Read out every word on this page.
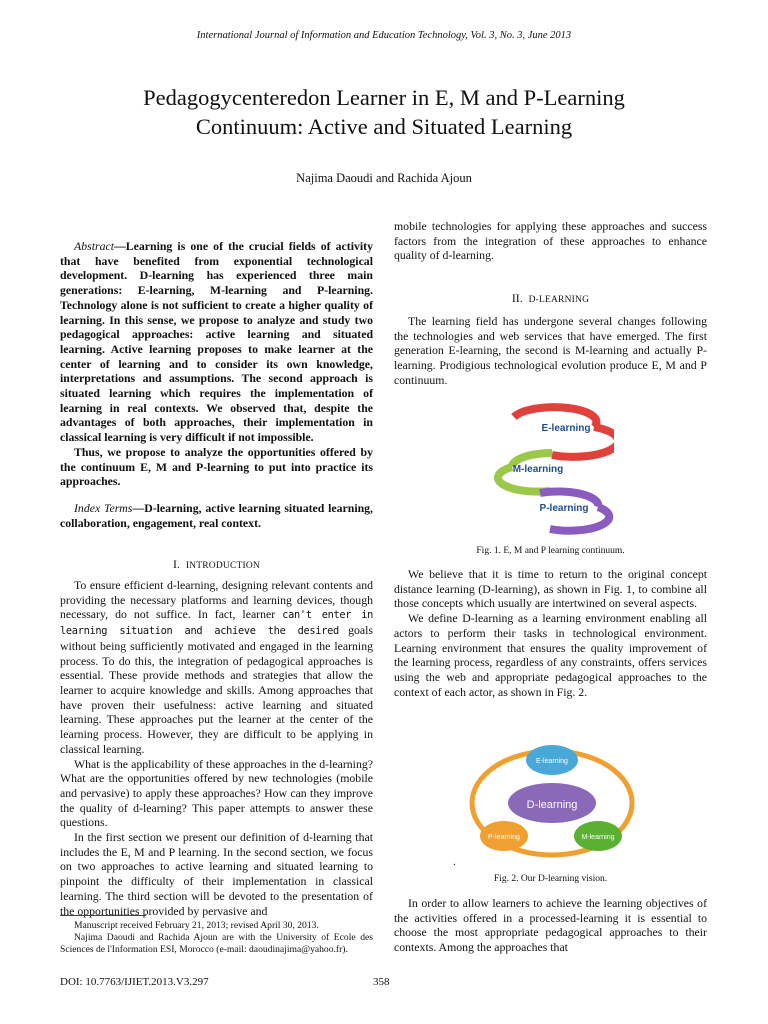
International Journal of Information and Education Technology, Vol. 3, No. 3, June 2013
Pedagogycenteredon Learner in E, M and P-Learning
Continuum: Active and Situated Learning
Najima Daoudi and Rachida Ajoun

Abstract—Learning is one of the crucial fields of activity that have benefited from exponential technological development. D-learning has experienced three main generations: E-learning, M-learning and P-learning. Technology alone is not sufficient to create a higher quality of learning. In this sense, we propose to analyze and study two pedagogical approaches: active learning and situated learning. Active learning proposes to make learner at the center of learning and to consider its own knowledge, interpretations and assumptions. The second approach is situated learning which requires the implementation of learning in real contexts. We observed that, despite the advantages of both approaches, their implementation in classical learning is very difficult if not impossible.

Thus, we propose to analyze the opportunities offered by the continuum E, M and P-learning to put into practice its approaches.

Index Terms—D-learning, active learning situated learning, collaboration, engagement, real context.

I. INTRODUCTION

To ensure efficient d-learning, designing relevant contents and providing the necessary platforms and learning devices, though necessary, do not suffice. In fact, learner can't enter in learning situation and achieve the desired goals without being sufficiently motivated and engaged in the learning process. To do this, the integration of pedagogical approaches is essential. These provide methods and strategies that allow the learner to acquire knowledge and skills. Among approaches that have proven their usefulness: active learning and situated learning. These approaches put the learner at the center of the learning process. However, they are difficult to be applying in classical learning.

What is the applicability of these approaches in the d-learning? What are the opportunities offered by new technologies (mobile and pervasive) to apply these approaches? How can they improve the quality of d-learning? This paper attempts to answer these questions.

In the first section we present our definition of d-learning that includes the E, M and P learning. In the second section, we focus on two approaches to active learning and situated learning to pinpoint the difficulty of their implementation in classical learning. The third section will be devoted to the presentation of the opportunities provided by pervasive and

Manuscript received February 21, 2013; revised April 30, 2013.

Najima Daoudi and Rachida Ajoun are with the University of Ecole des Sciences de l'Information ESI, Morocco (e-mail: daoudinajima@yahoo.fr).

mobile technologies for applying these approaches and success factors from the integration of these approaches to enhance quality of d-learning.

II. D-LEARNING

The learning field has undergone several changes following the technologies and web services that have emerged. The first generation E-learning, the second is M-learning and actually P-learning. Prodigious technological evolution produce E, M and P continuum.

E-learning
M-learning
P-learning
Fig. 1. E, M and P learning continuum.

We believe that it is time to return to the original concept distance learning (D-learning), as shown in Fig. 1, to combine all those concepts which usually are intertwined on several aspects.

We define D-learning as a learning environment enabling all actors to perform their tasks in technological environment. Learning environment that ensures the quality improvement of the learning process, regardless of any constraints, offers services using the web and appropriate pedagogical approaches to the context of each actor, as shown in Fig. 2.

D-learning
E-learning
P-learning	M-learning
.
Fig. 2. Our D-learning vision.

In order to allow learners to achieve the learning objectives of the activities offered in a processed-learning it is essential to choose the most appropriate pedagogical approaches to their contexts. Among the approaches that

DOI: 10.7763/IJIET.2013.V3.297	358
